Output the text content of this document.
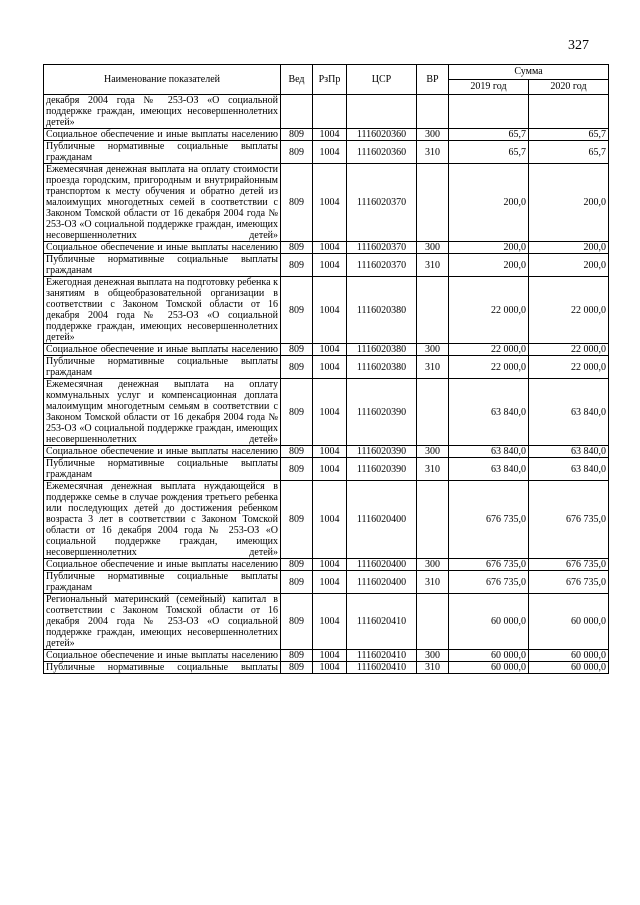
327
Наименование показателей	Вед	РзПр	ЦСР	ВР	Сумма	
					2019 год	2020 год
декабря 2004 года № 253-ОЗ «О социальной поддержке граждан, имеющих несовершеннолетних детей»						
Социальное обеспечение и иные выплаты населению	809	1004	1116020360	300	65,7	65,7
Публичные нормативные социальные выплаты гражданам	809	1004	1116020360	310	65,7	65,7
Ежемесячная денежная выплата на оплату стоимости проезда городским, пригородным и внутрирайонным транспортом к месту обучения и обратно детей из малоимущих многодетных семей в соответствии с Законом Томской области от 16 декабря 2004 года № 253-ОЗ «О социальной поддержке граждан, имеющих несовершеннолетних детей»	809	1004	1116020370		200,0	200,0
Социальное обеспечение и иные выплаты населению	809	1004	1116020370	300	200,0	200,0
Публичные нормативные социальные выплаты гражданам	809	1004	1116020370	310	200,0	200,0
Ежегодная денежная выплата на подготовку ребенка к занятиям в общеобразовательной организации в соответствии с Законом Томской области от 16 декабря 2004 года № 253-ОЗ «О социальной поддержке граждан, имеющих несовершеннолетних детей»	809	1004	1116020380		22 000,0	22 000,0
Социальное обеспечение и иные выплаты населению	809	1004	1116020380	300	22 000,0	22 000,0
Публичные нормативные социальные выплаты гражданам	809	1004	1116020380	310	22 000,0	22 000,0
Ежемесячная денежная выплата на оплату коммунальных услуг и компенсационная доплата малоимущим многодетным семьям в соответствии с Законом Томской области от 16 декабря 2004 года № 253-ОЗ «О социальной поддержке граждан, имеющих несовершеннолетних детей»	809	1004	1116020390		63 840,0	63 840,0
Социальное обеспечение и иные выплаты населению	809	1004	1116020390	300	63 840,0	63 840,0
Публичные нормативные социальные выплаты гражданам	809	1004	1116020390	310	63 840,0	63 840,0
Ежемесячная денежная выплата нуждающейся в поддержке семье в случае рождения третьего ребенка или последующих детей до достижения ребенком возраста 3 лет в соответствии с Законом Томской области от 16 декабря 2004 года № 253-ОЗ «О социальной поддержке граждан, имеющих несовершеннолетних детей»	809	1004	1116020400		676 735,0	676 735,0
Социальное обеспечение и иные выплаты населению	809	1004	1116020400	300	676 735,0	676 735,0
Публичные нормативные социальные выплаты гражданам	809	1004	1116020400	310	676 735,0	676 735,0
Региональный материнский (семейный) капитал в соответствии с Законом Томской области от 16 декабря 2004 года № 253-ОЗ «О социальной поддержке граждан, имеющих несовершеннолетних детей»	809	1004	1116020410		60 000,0	60 000,0
Социальное обеспечение и иные выплаты населению	809	1004	1116020410	300	60 000,0	60 000,0
Публичные нормативные социальные выплаты	809	1004	1116020410	310	60 000,0	60 000,0
